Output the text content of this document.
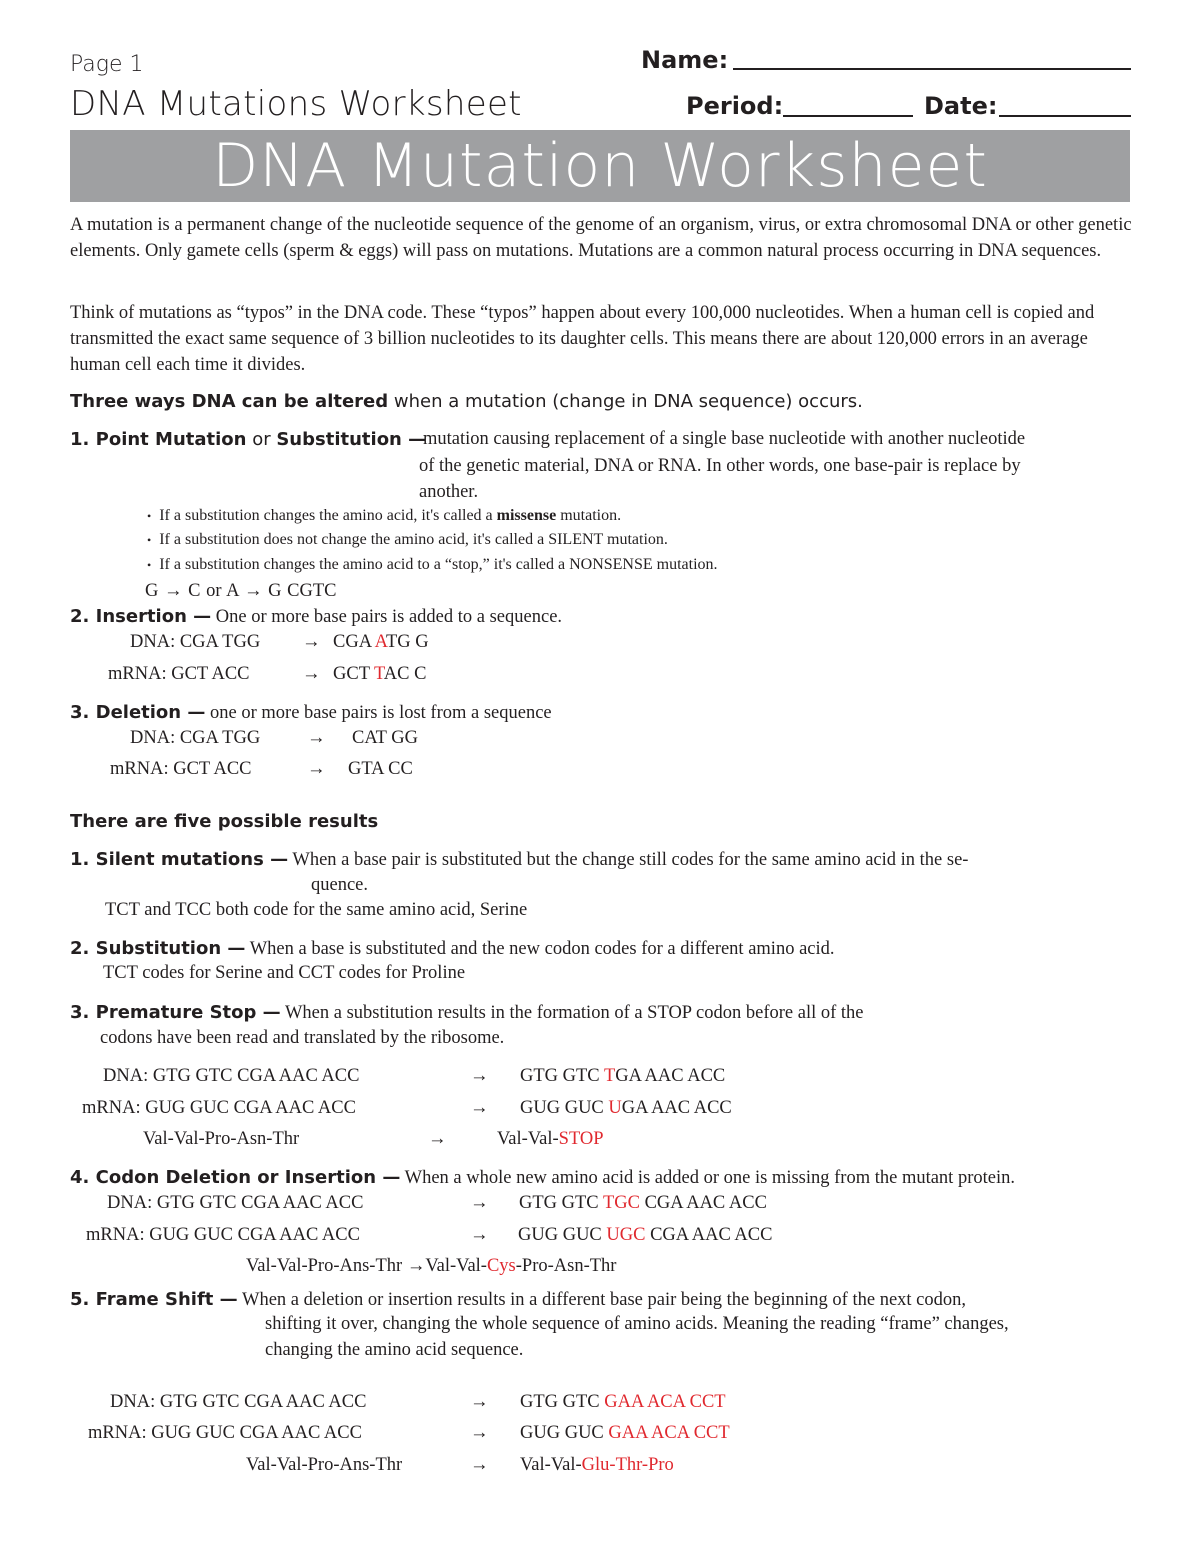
Page 1
DNA Mutations Worksheet
Name:
Period:	Date:
DNA Mutation Worksheet
A mutation is a permanent change of the nucleotide sequence of the genome of an organism, virus, or extra chromosomal DNA or other genetic elements. Only gamete cells (sperm & eggs) will pass on mutations. Mutations are a common natural process occurring in DNA sequences.
Think of mutations as “typos” in the DNA code. These “typos” happen about every 100,000 nucleotides. When a human cell is copied and transmitted the exact same sequence of 3 billion nucleotides to its daughter cells. This means there are about 120,000 errors in an average human cell each time it divides.
Three ways DNA can be altered when a mutation (change in DNA sequence) occurs.
1. Point Mutation or Substitution —
mutation causing replacement of a single base nucleotide with another nucleotide
of the genetic material, DNA or RNA. In other words, one base-pair is replace by
another.
• If a substitution changes the amino acid, it's called a missense mutation.
• If a substitution does not change the amino acid, it's called a SILENT mutation.
• If a substitution changes the amino acid to a “stop,” it's called a NONSENSE mutation.
G → C or A → G CGTC
2. Insertion — One or more base pairs is added to a sequence.
DNA: CGA TGG → CGA ATG G
mRNA: GCT ACC	→ GCT TAC C
3. Deletion — one or more base pairs is lost from a sequence
DNA: CGA TGG	→ CAT GG
mRNA: GCT ACC	→ GTA CC
There are five possible results
1. Silent mutations — When a base pair is substituted but the change still codes for the same amino acid in the se-
quence.
TCT and TCC both code for the same amino acid, Serine
2. Substitution — When a base is substituted and the new codon codes for a different amino acid.
TCT codes for Serine and CCT codes for Proline
3. Premature Stop — When a substitution results in the formation of a STOP codon before all of the
codons have been read and translated by the ribosome.
DNA: GTG GTC CGA AAC ACC	→ GTG GTC TGA AAC ACC
mRNA: GUG GUC CGA AAC ACC	→ GUG GUC UGA AAC ACC
Val-Val-Pro-Asn-Thr	→	Val-Val-STOP
4. Codon Deletion or Insertion — When a whole new amino acid is added or one is missing from the mutant protein.
DNA: GTG GTC CGA AAC ACC	→ GTG GTC TGC CGA AAC ACC
mRNA: GUG GUC CGA AAC ACC	→ GUG GUC UGC CGA AAC ACC
Val-Val-Pro-Ans-Thr →Val-Val-Cys-Pro-Asn-Thr
5. Frame Shift — When a deletion or insertion results in a different base pair being the beginning of the next codon,
shifting it over, changing the whole sequence of amino acids. Meaning the reading “frame” changes,
changing the amino acid sequence.
DNA: GTG GTC CGA AAC ACC	→ GTG GTC GAA ACA CCT
mRNA: GUG GUC CGA AAC ACC	→ GUG GUC GAA ACA CCT
Val-Val-Pro-Ans-Thr	→ Val-Val-Glu-Thr-Pro
